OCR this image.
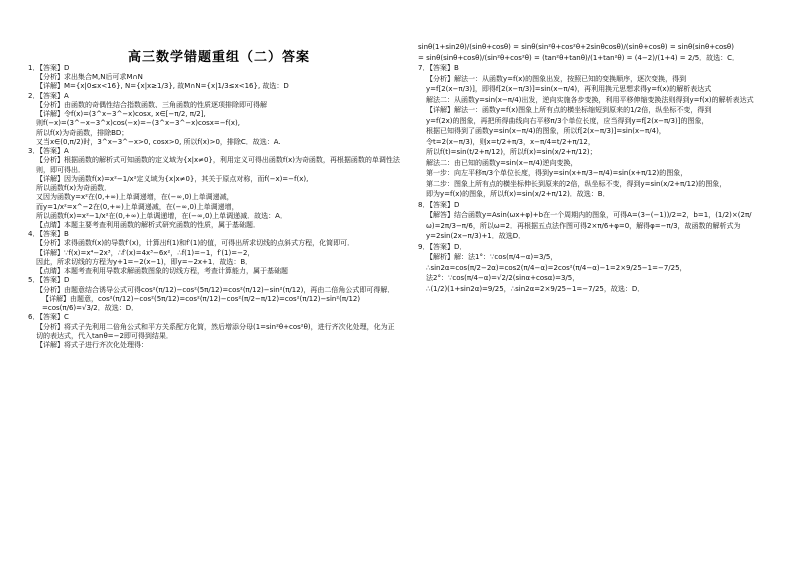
高三数学错题重组（二）答案
1．【答案】D
【分析】求出集合M,N后可求M∩N
【详解】M={x|0≤x<16}, N={x|x≥1/3}, 故M∩N={x|1/3≤x<16}, 故选：D
2．【答案】A
【分析】由函数的奇偶性结合指数函数、三角函数的性质逐项排除即可得解
【详解】令f(x)=(3^x−3^−x)cosx, x∈[−π/2, π/2],
则f(−x)=(3^−x−3^x)cos(−x)=−(3^x−3^−x)cosx=−f(x),
所以f(x)为奇函数，排除BD；
又当x∈(0,π/2)时，3^x−3^−x>0, cosx>0, 所以f(x)>0，排除C．故选：A.
3．【答案】A
【分析】根据函数的解析式可知函数的定义域为{x|x≠0}，利用定义可得出函数f(x)为奇函数，再根据函数的单调性法则，即可得出．
【详解】因为函数f(x)=x²−1/x²定义域为{x|x≠0}，其关于原点对称，而f(−x)=−f(x),
所以函数f(x)为奇函数．
又因为函数y=x²在(0,+∞)上单调递增，在(−∞,0)上单调递减，
而y=1/x²=x^−2在(0,+∞)上单调递减，在(−∞,0)上单调递增，
所以函数f(x)=x²−1/x²在(0,+∞)上单调递增，在(−∞,0)上单调递减．故选：A．
【点睛】本题主要考查利用函数的解析式研究函数的性质，属于基础题．
4．【答案】B
【分析】求得函数f(x)的导数f′(x)，计算出f(1)和f′(1)的值，可得出所求切线的点斜式方程，化简即可．
【详解】∵f(x)=x⁴−2x³，∴f′(x)=4x³−6x²，∴f(1)=−1，f′(1)=−2，
因此，所求切线的方程为y+1=−2(x−1)，即y=−2x+1．故选：B．
【点睛】本题考查利用导数求解函数图象的切线方程，考查计算能力，属于基础题
5．【答案】D
【分析】由题意结合诱导公式可得cos²(π/12)−cos²(5π/12)=cos²(π/12)−sin²(π/12)，再由二倍角公式即可得解．
【详解】由题意，cos²(π/12)−cos²(5π/12)=cos²(π/12)−cos²(π/2−π/12)=cos²(π/12)−sin²(π/12)
=cos(π/6)=√3/2．故选：D．
6．【答案】C
【分析】将式子先利用二倍角公式和平方关系配方化简，然后增添分母(1=sin²θ+cos²θ)，进行齐次化处理，化为正切的表达式，代入tanθ=−2即可得到结果．
【详解】将式子进行齐次化处理得：
sinθ(1+sin2θ)/(sinθ+cosθ) = sinθ(sin²θ+cos²θ+2sinθcosθ)/(sinθ+cosθ) = sinθ(sinθ+cosθ)
= sinθ(sinθ+cosθ)/(sin²θ+cos²θ) = (tan²θ+tanθ)/(1+tan²θ) = (4−2)/(1+4) = 2/5．故选：C．
7．【答案】B
【分析】解法一：从函数y=f(x)的图象出发，按照已知的变换顺序，逐次变换，得到
y=f[2(x−π/3)]，即得f[2(x−π/3)]=sin(x−π/4)，再利用换元思想求得y=f(x)的解析表达式
解法二：从函数y=sin(x−π/4)出发，逆向实施各步变换，利用平移伸缩变换法则得到y=f(x)的解析表达式
【详解】解法一：函数y=f(x)图象上所有点的横坐标缩短到原来的1/2倍，纵坐标不变，得到
y=f(2x)的图象，再把所得曲线向右平移π/3个单位长度，应当得到y=f[2(x−π/3)]的图象，
根据已知得到了函数y=sin(x−π/4)的图象，所以f[2(x−π/3)]=sin(x−π/4)，
令t=2(x−π/3)，则x=t/2+π/3，x−π/4=t/2+π/12，
所以f(t)=sin(t/2+π/12)，所以f(x)=sin(x/2+π/12)；
解法二：由已知的函数y=sin(x−π/4)逆向变换，
第一步：向左平移π/3个单位长度，得到y=sin(x+π/3−π/4)=sin(x+π/12)的图象，
第二步：图象上所有点的横坐标伸长到原来的2倍，纵坐标不变，得到y=sin(x/2+π/12)的图象，
即为y=f(x)的图象，所以f(x)=sin(x/2+π/12)．故选：B．
8．【答案】D
【解答】结合函数y=Asin(ωx+φ)+b在一个周期内的图象，可得A=(3−(−1))/2=2，b=1，(1/2)×(2π/ω)=2π/3−π/6，所以ω=2．再根据五点法作图可得2×π/6+φ=0，解得φ=−π/3，故函数的解析式为y=2sin(2x−π/3)+1．故选D．
9．【答案】D．
【解析】解：法1°：∵cos(π/4−α)=3/5，
∴sin2α=cos(π/2−2α)=cos2(π/4−α)=2cos²(π/4−α)−1=2×9/25−1=−7/25，
法2°：∵cos(π/4−α)=√2/2(sinα+cosα)=3/5，
∴(1/2)(1+sin2α)=9/25，∴sin2α=2×9/25−1=−7/25，故选：D．
